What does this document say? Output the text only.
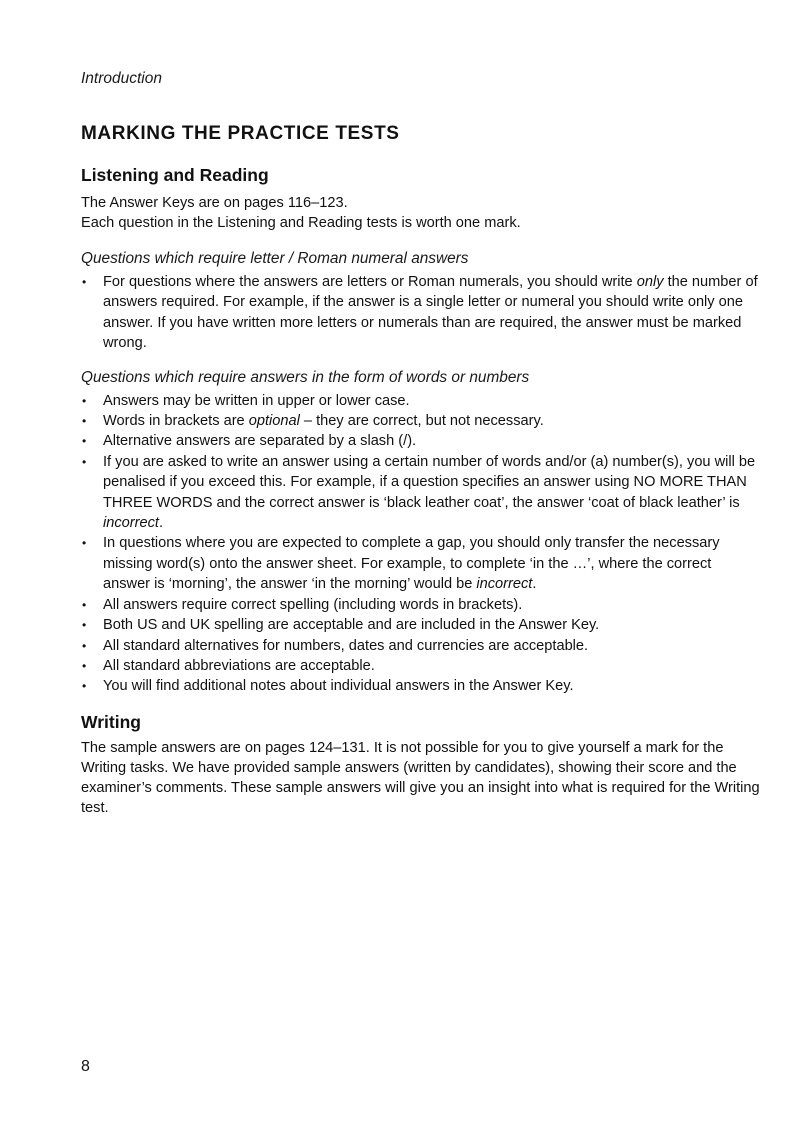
Introduction
MARKING THE PRACTICE TESTS
Listening and Reading

The Answer Keys are on pages 116–123.

Each question in the Listening and Reading tests is worth one mark.

Questions which require letter / Roman numeral answers

• For questions where the answers are letters or Roman numerals, you should write only the number of answers required. For example, if the answer is a single letter or numeral you should write only one answer. If you have written more letters or numerals than are required, the answer must be marked wrong.

Questions which require answers in the form of words or numbers

• Answers may be written in upper or lower case.
• Words in brackets are optional – they are correct, but not necessary.
• Alternative answers are separated by a slash (/).
• If you are asked to write an answer using a certain number of words and/or (a) number(s), you will be penalised if you exceed this. For example, if a question specifies an answer using NO MORE THAN THREE WORDS and the correct answer is ‘black leather coat’, the answer ‘coat of black leather’ is incorrect.
• In questions where you are expected to complete a gap, you should only transfer the necessary missing word(s) onto the answer sheet. For example, to complete ‘in the …’, where the correct answer is ‘morning’, the answer ‘in the morning’ would be incorrect.
• All answers require correct spelling (including words in brackets).
• Both US and UK spelling are acceptable and are included in the Answer Key.
• All standard alternatives for numbers, dates and currencies are acceptable.
• All standard abbreviations are acceptable.
• You will find additional notes about individual answers in the Answer Key.
Writing

The sample answers are on pages 124–131. It is not possible for you to give yourself a mark for the Writing tasks. We have provided sample answers (written by candidates), showing their score and the examiner’s comments. These sample answers will give you an insight into what is required for the Writing test.

8
